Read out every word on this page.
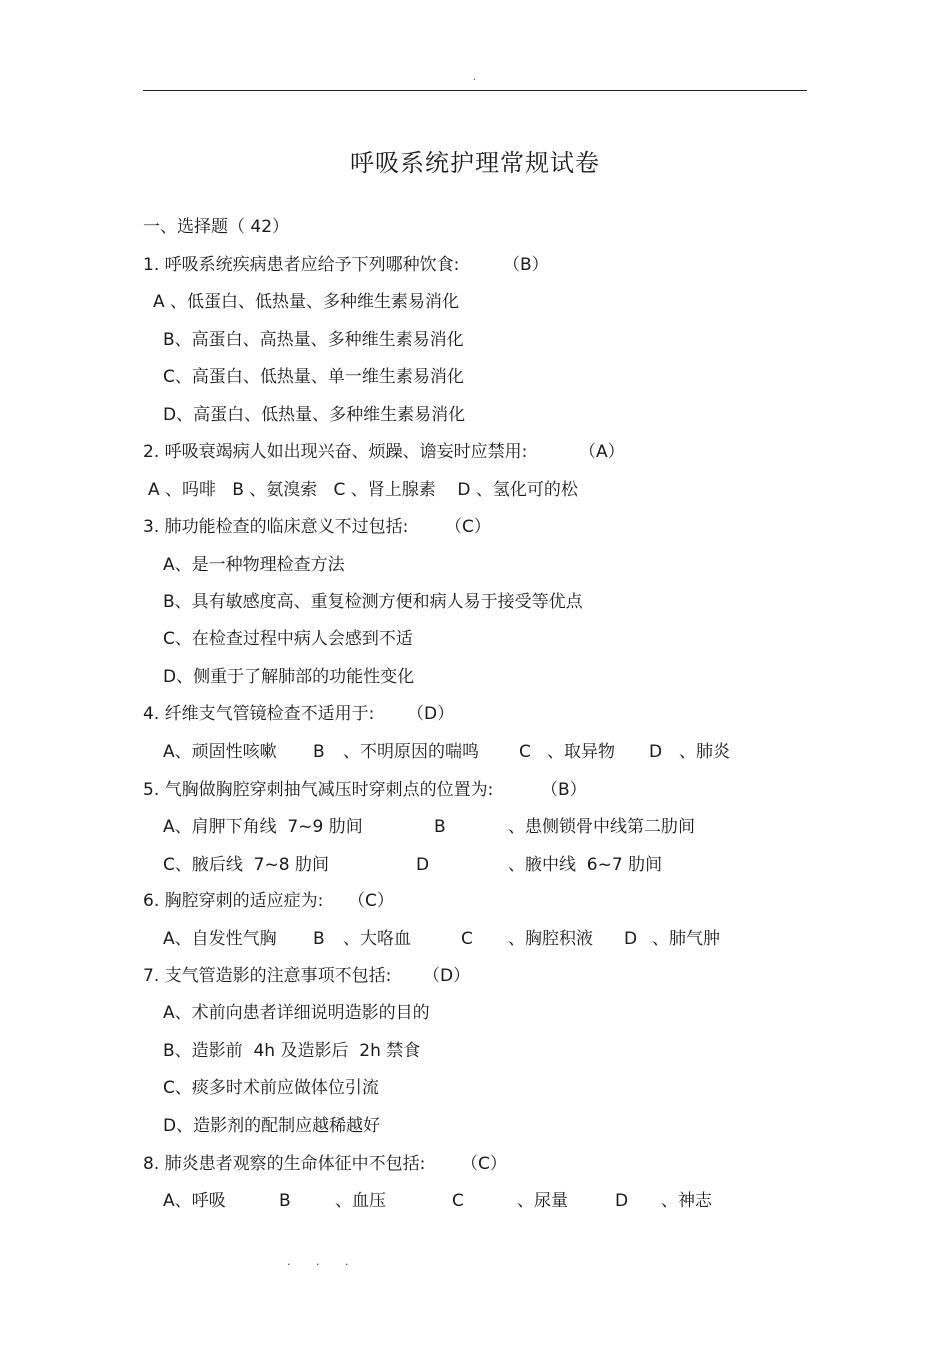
.
呼吸系统护理常规试卷
一、选择题（ 42）

1. 呼吸系统疾病患者应给予下列哪种饮食:

	（B）

A 、低蛋白、低热量、多种维生素易消化
B、高蛋白、高热量、多种维生素易消化
C、高蛋白、低热量、单一维生素易消化
D、高蛋白、低热量、多种维生素易消化

2. 呼吸衰竭病人如出现兴奋、烦躁、谵妄时应禁用:

	（A）

A 、吗啡   B 、氨溴索   C 、肾上腺素    D 、氢化可的松

3. 肺功能检查的临床意义不过包括:

（C）

A、是一种物理检查方法
B、具有敏感度高、重复检测方便和病人易于接受等优点
C、在检查过程中病人会感到不适
D、侧重于了解肺部的功能性变化

4. 纤维支气管镜检查不适用于:

（D）

A、顽固性咳嗽

B

、不明原因的喘鸣

C

、取异物

D

、肺炎

5. 气胸做胸腔穿刺抽气减压时穿刺点的位置为:

	（B）

A、肩胛下角线  7~9 肋间

	B

	、患侧锁骨中线第二肋间

C、腋后线  7~8 肋间

	D

	、腋中线  6~7 肋间

6. 胸腔穿刺的适应症为:

（C）

A、自发性气胸

B

、大咯血

	C

、胸腔积液

D

、肺气肿

7. 支气管造影的注意事项不包括:

（D）

A、术前向患者详细说明造影的目的
B、造影前  4h 及造影后  2h 禁食
C、痰多时术前应做体位引流
D、造影剂的配制应越稀越好

8. 肺炎患者观察的生命体征中不包括:

（C）

A、呼吸

	B

	、血压

	C

	、尿量

	D

、神志

. . .
